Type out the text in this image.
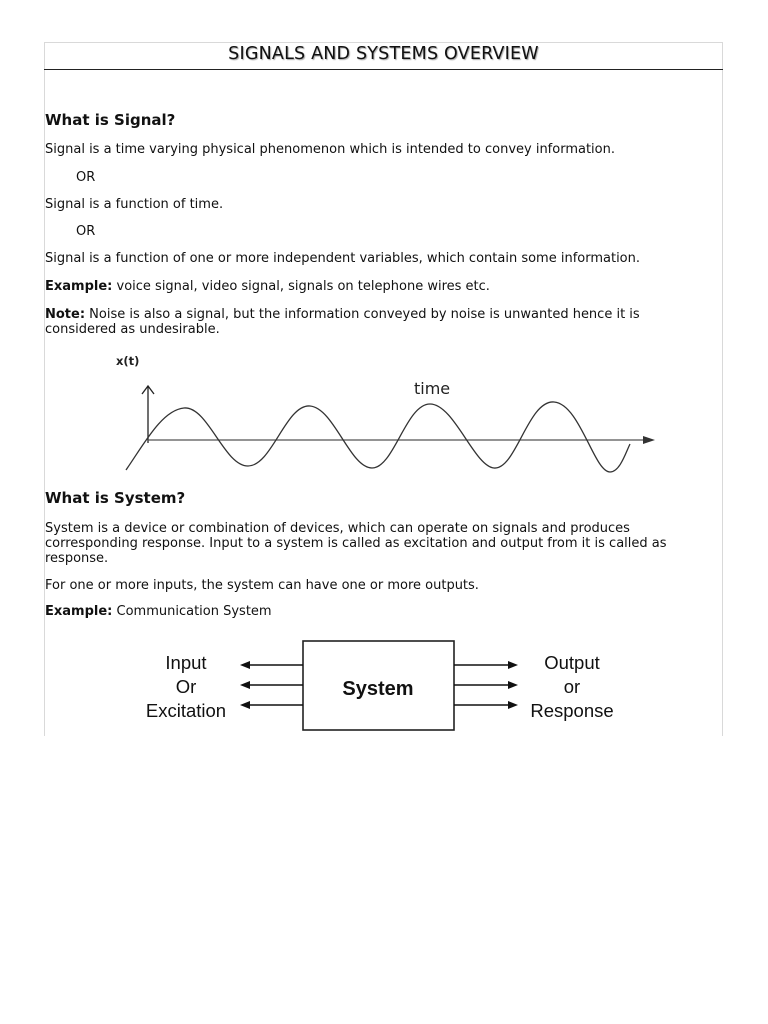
SIGNALS AND SYSTEMS OVERVIEW
What is Signal?

Signal is a time varying physical phenomenon which is intended to convey information.

OR

Signal is a function of time.

OR

Signal is a function of one or more independent variables, which contain some information.

Example: voice signal, video signal, signals on telephone wires etc.

Note: Noise is also a signal, but the information conveyed by noise is unwanted hence it is considered as undesirable.

x(t)
time
What is System?

System is a device or combination of devices, which can operate on signals and produces corresponding response. Input to a system is called as excitation and output from it is called as response.

For one or more inputs, the system can have one or more outputs.

Example: Communication System

Input
Or
Excitation
Output
or
Response
System
